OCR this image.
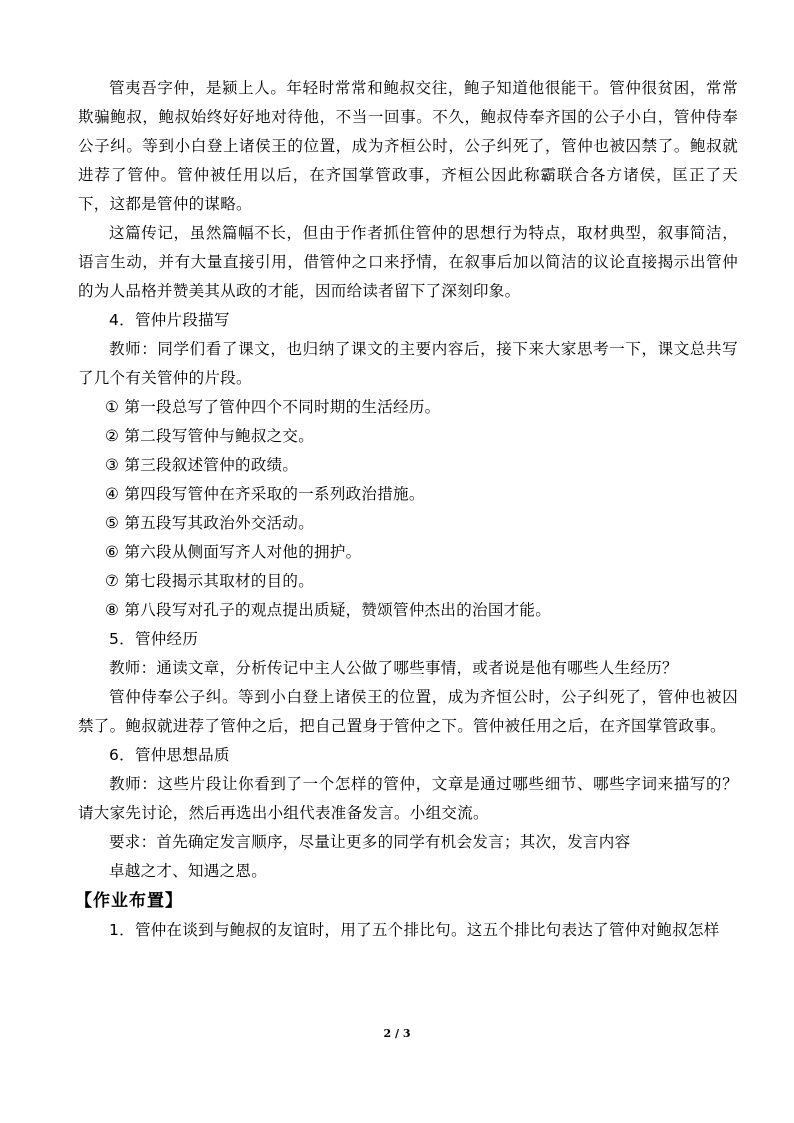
管夷吾字仲，是颍上人。年轻时常常和鲍叔交往，鲍子知道他很能干。管仲很贫困，常常欺骗鲍叔，鲍叔始终好好地对待他，不当一回事。不久，鲍叔侍奉齐国的公子小白，管仲侍奉公子纠。等到小白登上诸侯王的位置，成为齐桓公时，公子纠死了，管仲也被囚禁了。鲍叔就进荐了管仲。管仲被任用以后，在齐国掌管政事，齐桓公因此称霸联合各方诸侯，匡正了天下，这都是管仲的谋略。

这篇传记，虽然篇幅不长，但由于作者抓住管仲的思想行为特点，取材典型，叙事简洁，语言生动，并有大量直接引用，借管仲之口来抒情，在叙事后加以简洁的议论直接揭示出管仲的为人品格并赞美其从政的才能，因而给读者留下了深刻印象。

4．管仲片段描写

教师：同学们看了课文，也归纳了课文的主要内容后，接下来大家思考一下，课文总共写了几个有关管仲的片段。

① 第一段总写了管仲四个不同时期的生活经历。

② 第二段写管仲与鲍叔之交。

③ 第三段叙述管仲的政绩。

④ 第四段写管仲在齐采取的一系列政治措施。

⑤ 第五段写其政治外交活动。

⑥ 第六段从侧面写齐人对他的拥护。

⑦ 第七段揭示其取材的目的。

⑧ 第八段写对孔子的观点提出质疑，赞颂管仲杰出的治国才能。

5．管仲经历

教师：通读文章，分析传记中主人公做了哪些事情，或者说是他有哪些人生经历？

管仲侍奉公子纠。等到小白登上诸侯王的位置，成为齐恒公时，公子纠死了，管仲也被囚禁了。鲍叔就进荐了管仲之后，把自己置身于管仲之下。管仲被任用之后，在齐国掌管政事。

6．管仲思想品质

教师：这些片段让你看到了一个怎样的管仲，文章是通过哪些细节、哪些字词来描写的？请大家先讨论，然后再选出小组代表准备发言。小组交流。

要求：首先确定发言顺序，尽量让更多的同学有机会发言；其次，发言内容

卓越之才、知遇之恩。

【作业布置】

1．管仲在谈到与鲍叔的友谊时，用了五个排比句。这五个排比句表达了管仲对鲍叔怎样

2 / 3
